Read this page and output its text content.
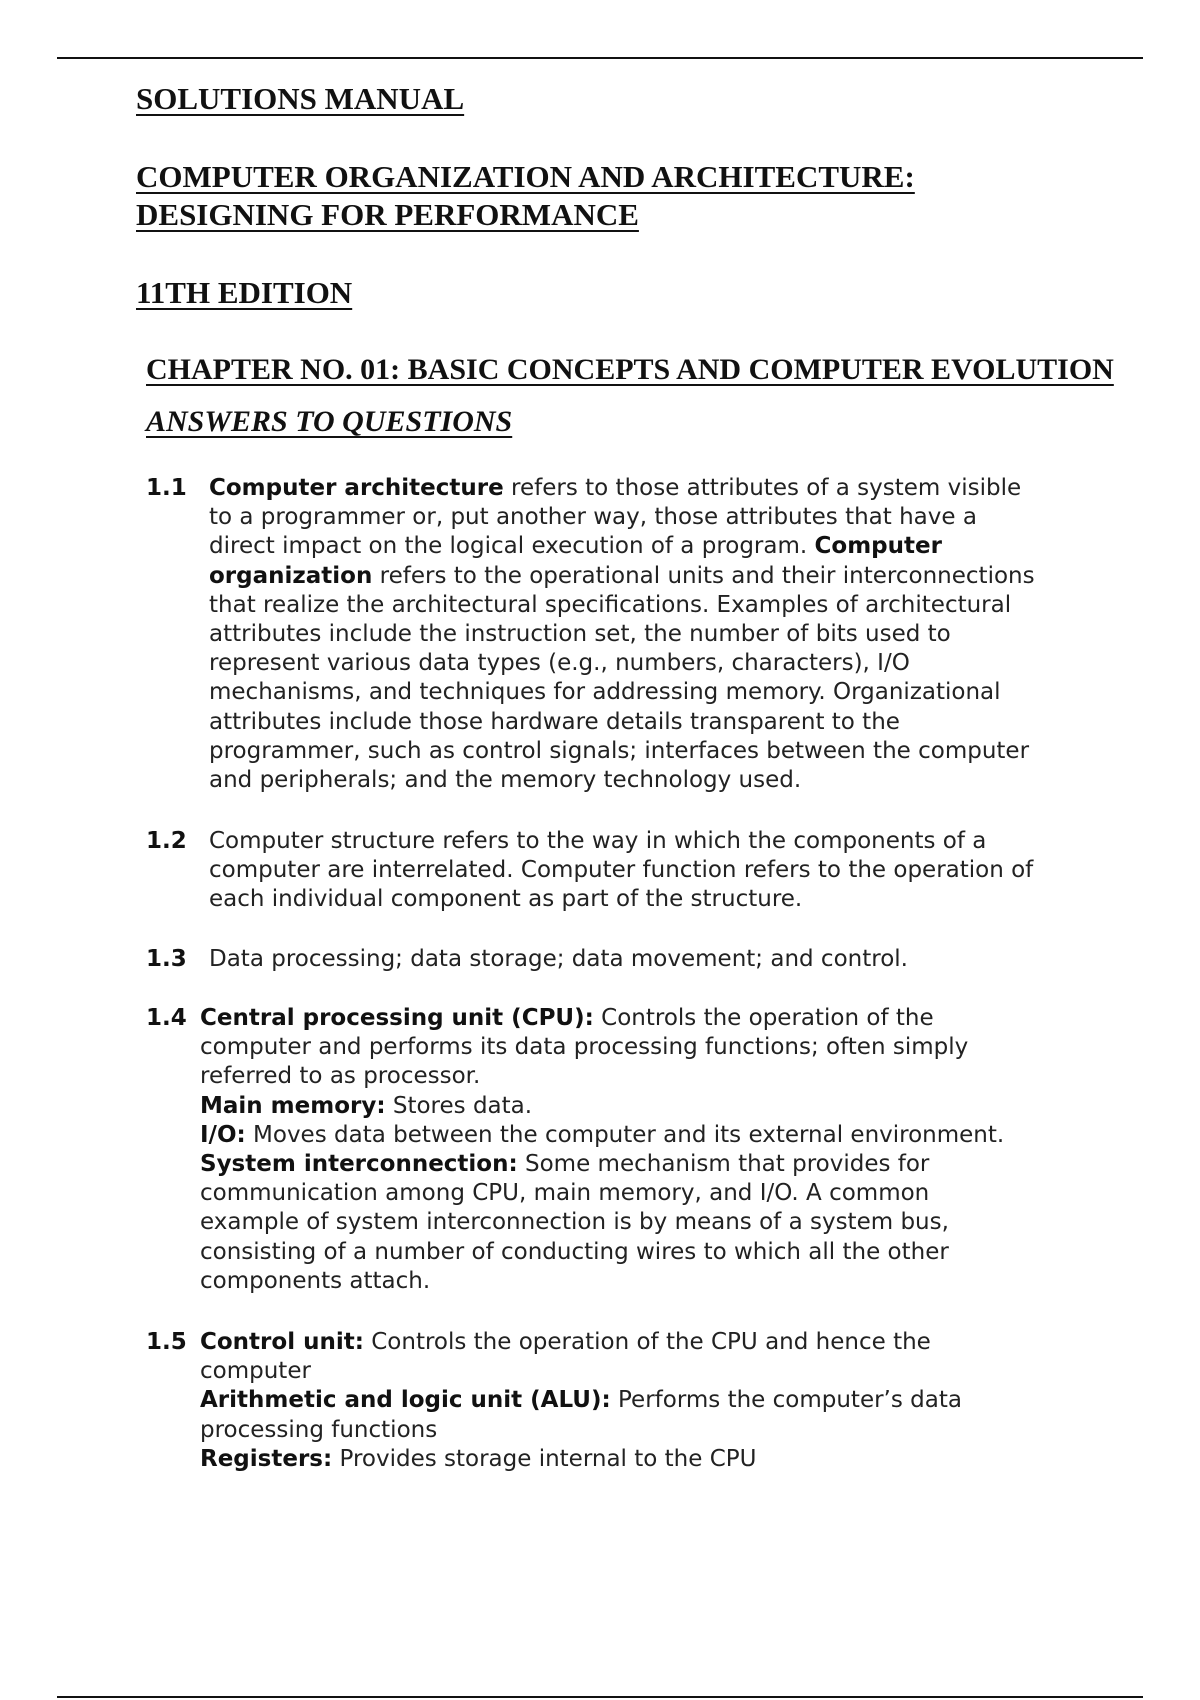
SOLUTIONS MANUAL
COMPUTER ORGANIZATION AND ARCHITECTURE:
DESIGNING FOR PERFORMANCE
11TH EDITION
CHAPTER NO. 01: BASIC CONCEPTS AND COMPUTER EVOLUTION
ANSWERS TO QUESTIONS
1.1 Computer architecture refers to those attributes of a system visible
to a programmer or, put another way, those attributes that have a
direct impact on the logical execution of a program. Computer
organization refers to the operational units and their interconnections
that realize the architectural specifications. Examples of architectural
attributes include the instruction set, the number of bits used to
represent various data types (e.g., numbers, characters), I/O
mechanisms, and techniques for addressing memory. Organizational
attributes include those hardware details transparent to the
programmer, such as control signals; interfaces between the computer
and peripherals; and the memory technology used.
1.2 Computer structure refers to the way in which the components of a
computer are interrelated. Computer function refers to the operation of
each individual component as part of the structure.
1.3 Data processing; data storage; data movement; and control.
1.4 Central processing unit (CPU): Controls the operation of the
computer and performs its data processing functions; often simply
referred to as processor.
Main memory: Stores data.
I/O: Moves data between the computer and its external environment.
System interconnection: Some mechanism that provides for
communication among CPU, main memory, and I/O. A common
example of system interconnection is by means of a system bus,
consisting of a number of conducting wires to which all the other
components attach.
1.5 Control unit: Controls the operation of the CPU and hence the
computer
Arithmetic and logic unit (ALU): Performs the computer’s data
processing functions
Registers: Provides storage internal to the CPU
